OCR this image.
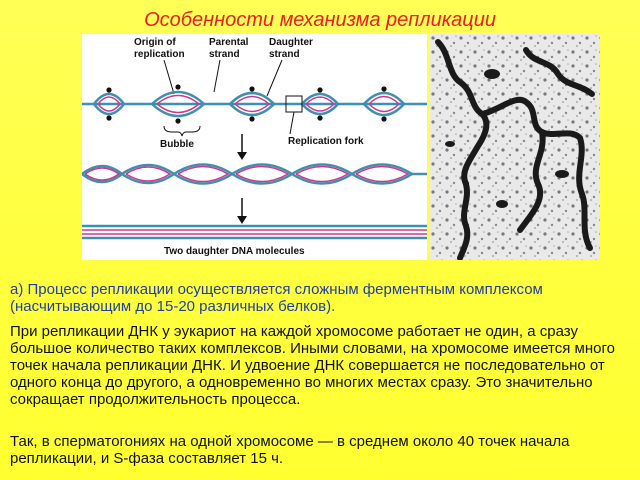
Особенности механизма репликации
Origin of
replication
Parental
strand
Daughter
strand
Bubble	Replication fork
Two daughter DNA molecules

а) Процесс репликации осуществляется сложным ферментным комплексом (насчитывающим до 15-20 различных белков).

При репликации ДНК у эукариот на каждой хромосоме работает не один, а сразу большое количество таких комплексов. Иными словами, на хромосоме имеется много точек начала репликации ДНК. И удвоение ДНК совершается не последовательно от одного конца до другого, а одновременно во многих местах сразу. Это значительно сокращает продолжительность процесса.

Так, в сперматогониях на одной хромосоме — в среднем около 40 точек начала репликации, и S-фаза составляет 15 ч.
